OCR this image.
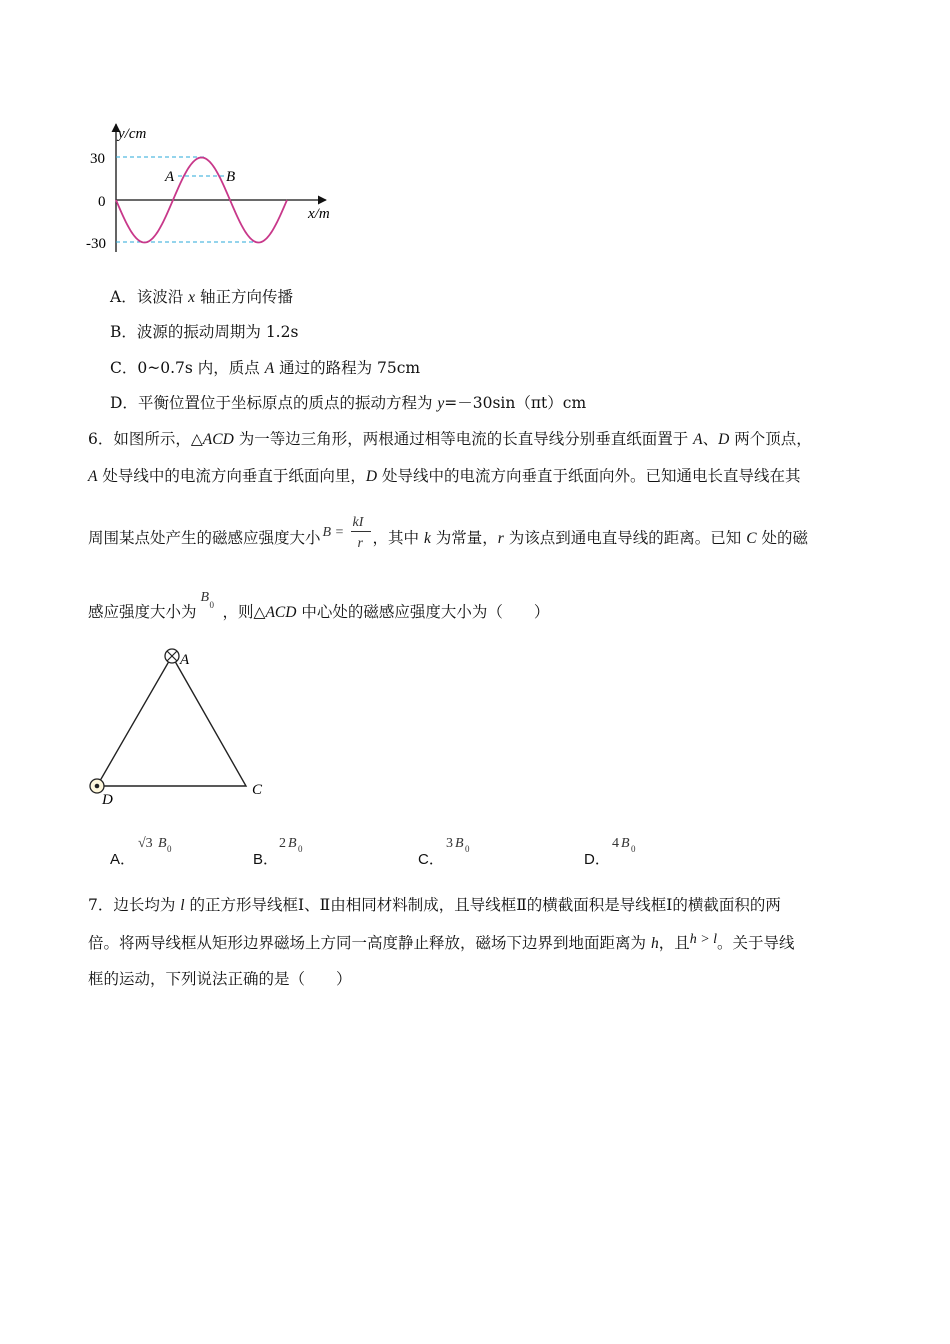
y/cm
x/m
30
0
-30
A	B
A．该波沿 x 轴正方向传播
B．波源的振动周期为 1.2s
C．0~0.7s 内，质点 A 通过的路程为 75cm
D．平衡位置位于坐标原点的质点的振动方程为 y=－30sin（πt）cm
6．如图所示，△ACD 为一等边三角形，两根通过相等电流的长直导线分别垂直纸面置于 A、D 两个顶点，
A 处导线中的电流方向垂直于纸面向里，D 处导线中的电流方向垂直于纸面向外。已知通电长直导线在其
周围某点处产生的磁感应强度大小 B =
kI
r ，其中 k 为常量，r 为该点到通电直导线的距离。已知 C 处的磁
感应强度大小为
B 0 ，则△ACD 中心处的磁感应强度大小为（　　）
A
C
D
A．
√3 B 0
B．
2 B 0
C．
3 B 0
D．
4 B 0
7．边长均为 l 的正方形导线框Ⅰ、Ⅱ由相同材料制成，且导线框Ⅱ的横截面积是导线框Ⅰ的横截面积的两
倍。将两导线框从矩形边界磁场上方同一高度静止释放，磁场下边界到地面距离为 h，且h > l。关于导线
框的运动，下列说法正确的是（　　）
